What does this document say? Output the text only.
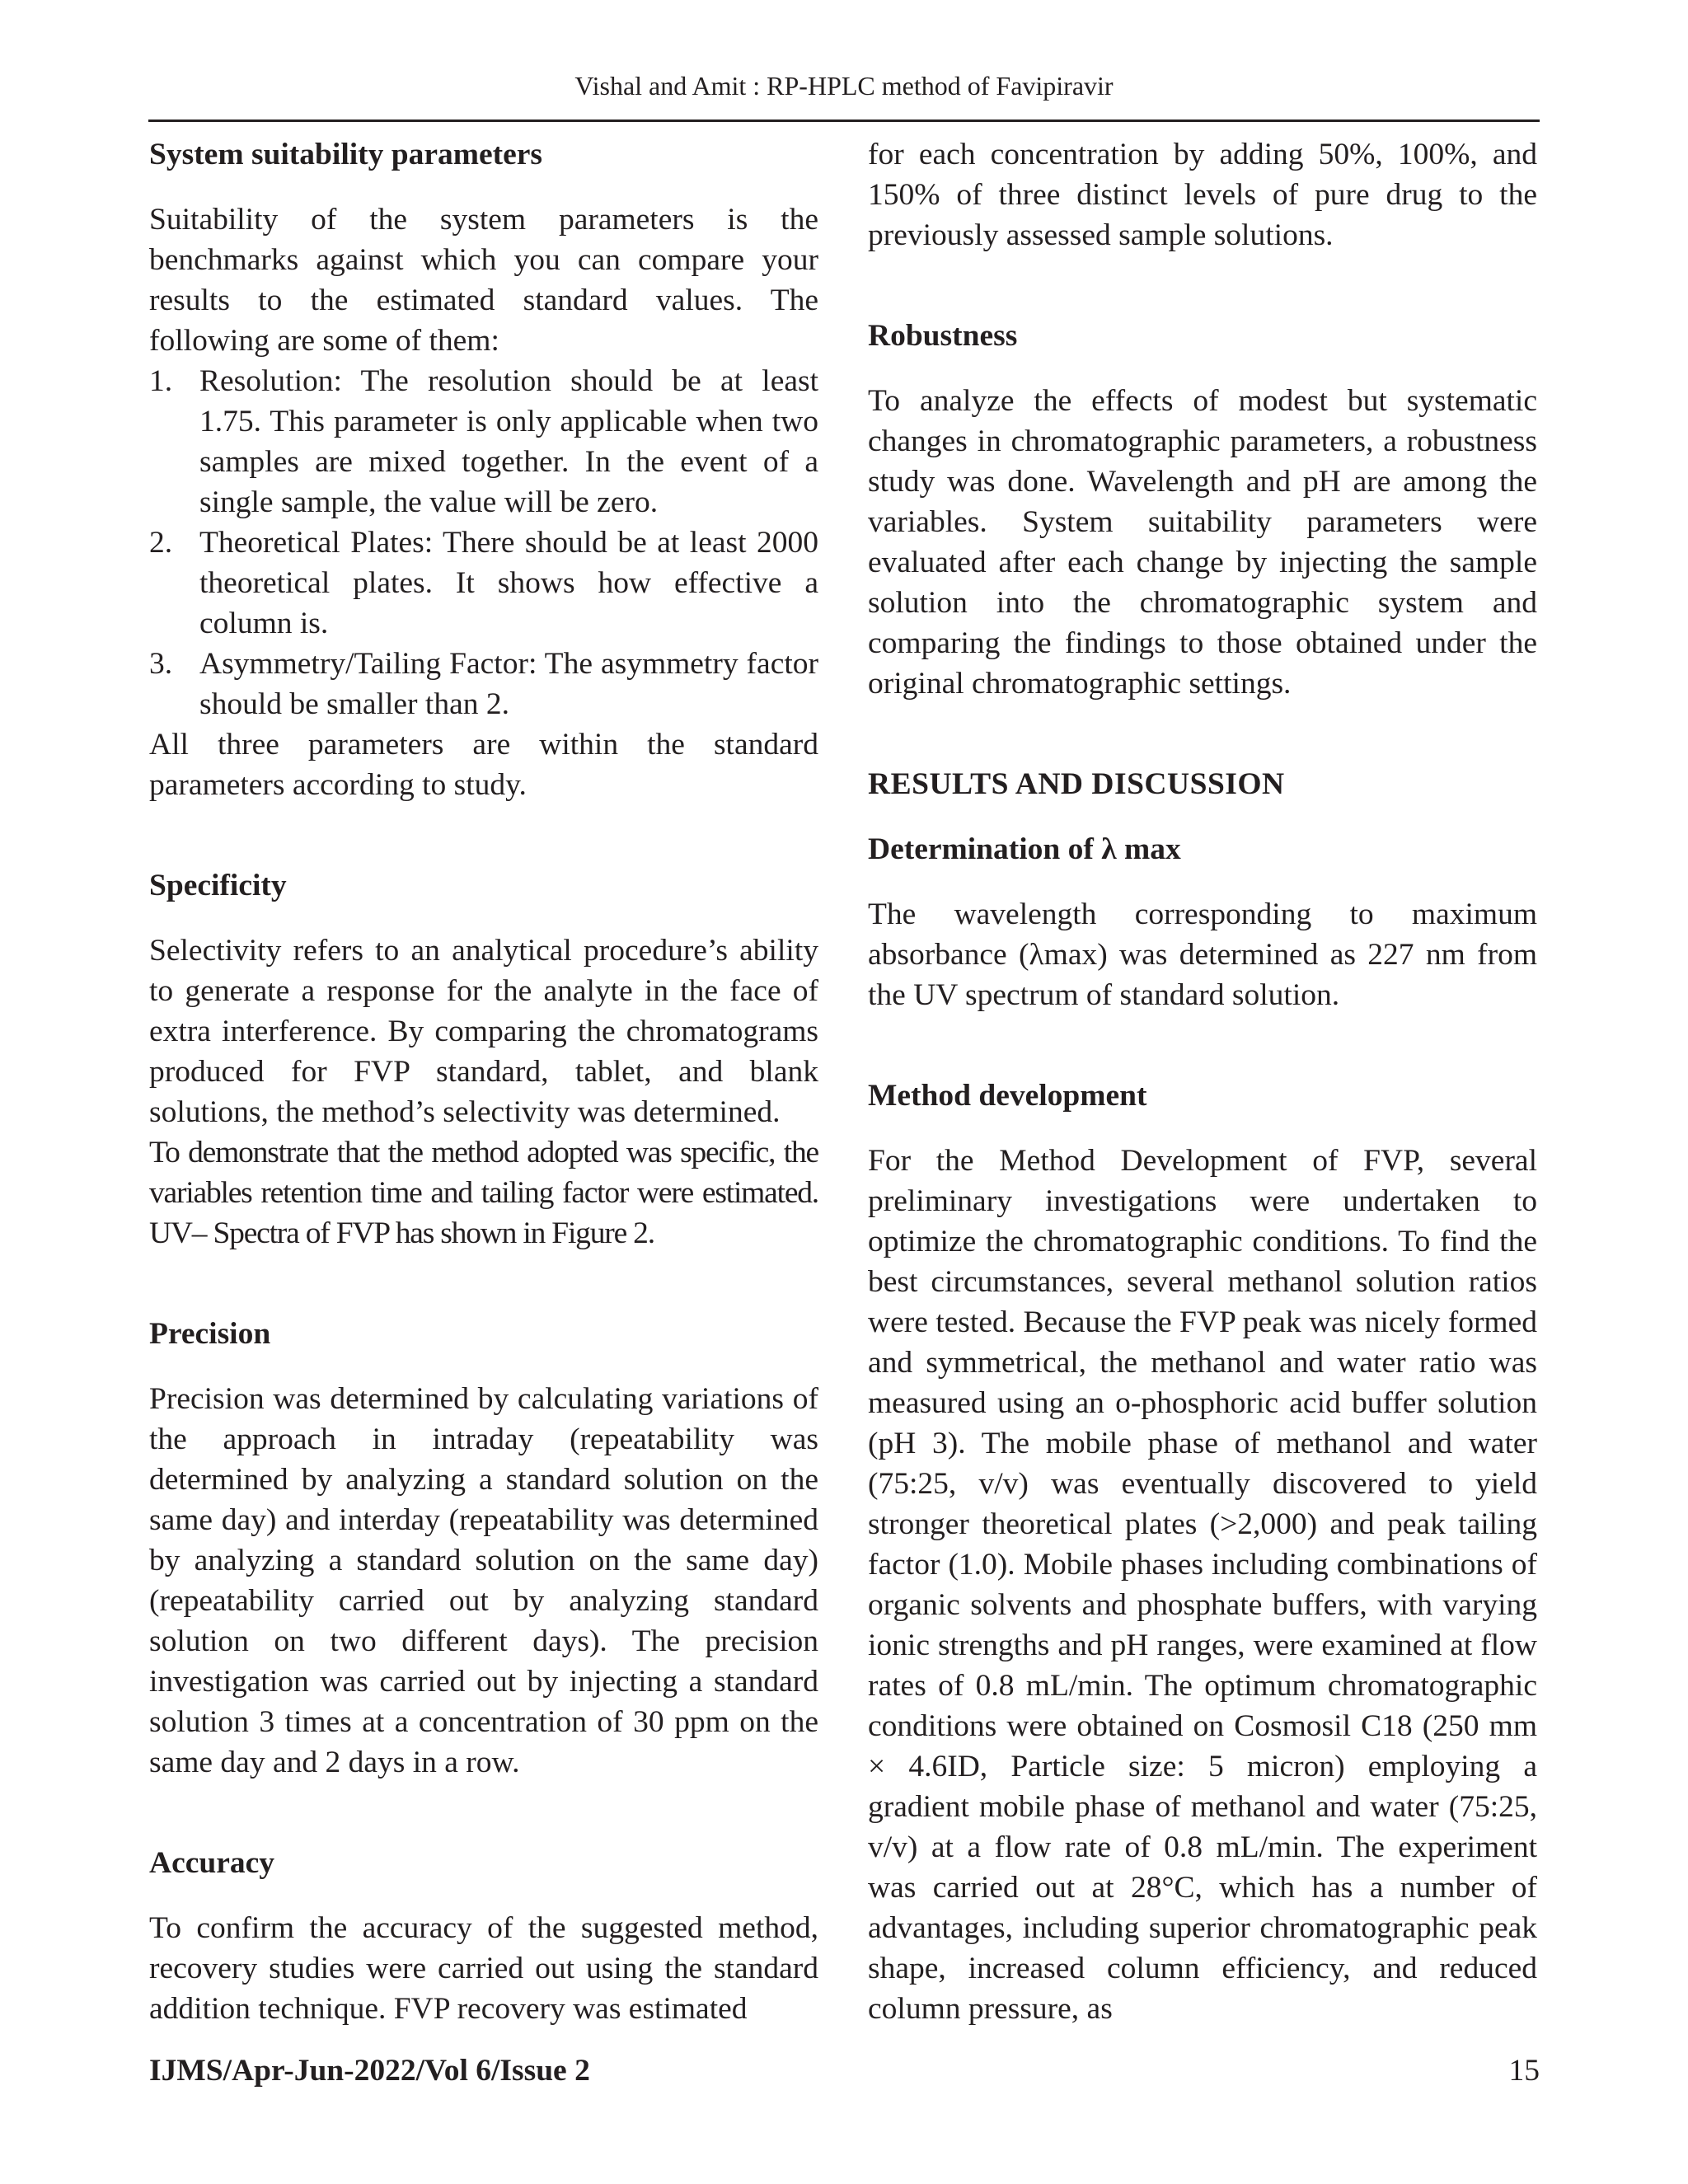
Vishal and Amit : RP-HPLC method of Favipiravir
System suitability parameters

Suitability of the system parameters is the benchmarks against which you can compare your results to the estimated standard values. The following are some of them:

1. Resolution: The resolution should be at least 1.75. This parameter is only applicable when two samples are mixed together. In the event of a single sample, the value will be zero.
2. Theoretical Plates: There should be at least 2000 theoretical plates. It shows how effective a column is.
3. Asymmetry/Tailing Factor: The asymmetry factor should be smaller than 2.

All three parameters are within the standard parameters according to study.

Specificity

Selectivity refers to an analytical procedure’s ability to generate a response for the analyte in the face of extra interference. By comparing the chromatograms produced for FVP standard, tablet, and blank solutions, the method’s selectivity was determined.

To demonstrate that the method adopted was specific, the variables retention time and tailing factor were estimated. UV– Spectra of FVP has shown in Figure 2.

Precision

Precision was determined by calculating variations of the approach in intraday (repeatability was determined by analyzing a standard solution on the same day) and interday (repeatability was determined by analyzing a standard solution on the same day) (repeatability carried out by analyzing standard solution on two different days). The precision investigation was carried out by injecting a standard solution 3 times at a concentration of 30 ppm on the same day and 2 days in a row.

Accuracy

To confirm the accuracy of the suggested method, recovery studies were carried out using the standard addition technique. FVP recovery was estimated

for each concentration by adding 50%, 100%, and 150% of three distinct levels of pure drug to the previously assessed sample solutions.

Robustness

To analyze the effects of modest but systematic changes in chromatographic parameters, a robustness study was done. Wavelength and pH are among the variables. System suitability parameters were evaluated after each change by injecting the sample solution into the chromatographic system and comparing the findings to those obtained under the original chromatographic settings.

RESULTS AND DISCUSSION
Determination of λ max

The wavelength corresponding to maximum absorbance (λmax) was determined as 227 nm from the UV spectrum of standard solution.

Method development

For the Method Development of FVP, several preliminary investigations were undertaken to optimize the chromatographic conditions. To find the best circumstances, several methanol solution ratios were tested. Because the FVP peak was nicely formed and symmetrical, the methanol and water ratio was measured using an o-phosphoric acid buffer solution (pH 3). The mobile phase of methanol and water (75:25, v/v) was eventually discovered to yield stronger theoretical plates (>2,000) and peak tailing factor (1.0). Mobile phases including combinations of organic solvents and phosphate buffers, with varying ionic strengths and pH ranges, were examined at flow rates of 0.8 mL/min. The optimum chromatographic conditions were obtained on Cosmosil C18 (250 mm × 4.6ID, Particle size: 5 micron) employing a gradient mobile phase of methanol and water (75:25, v/v) at a flow rate of 0.8 mL/min. The experiment was carried out at 28°C, which has a number of advantages, including superior chromatographic peak shape, increased column efficiency, and reduced column pressure, as

IJMS/Apr-Jun-2022/Vol 6/Issue 2	15
